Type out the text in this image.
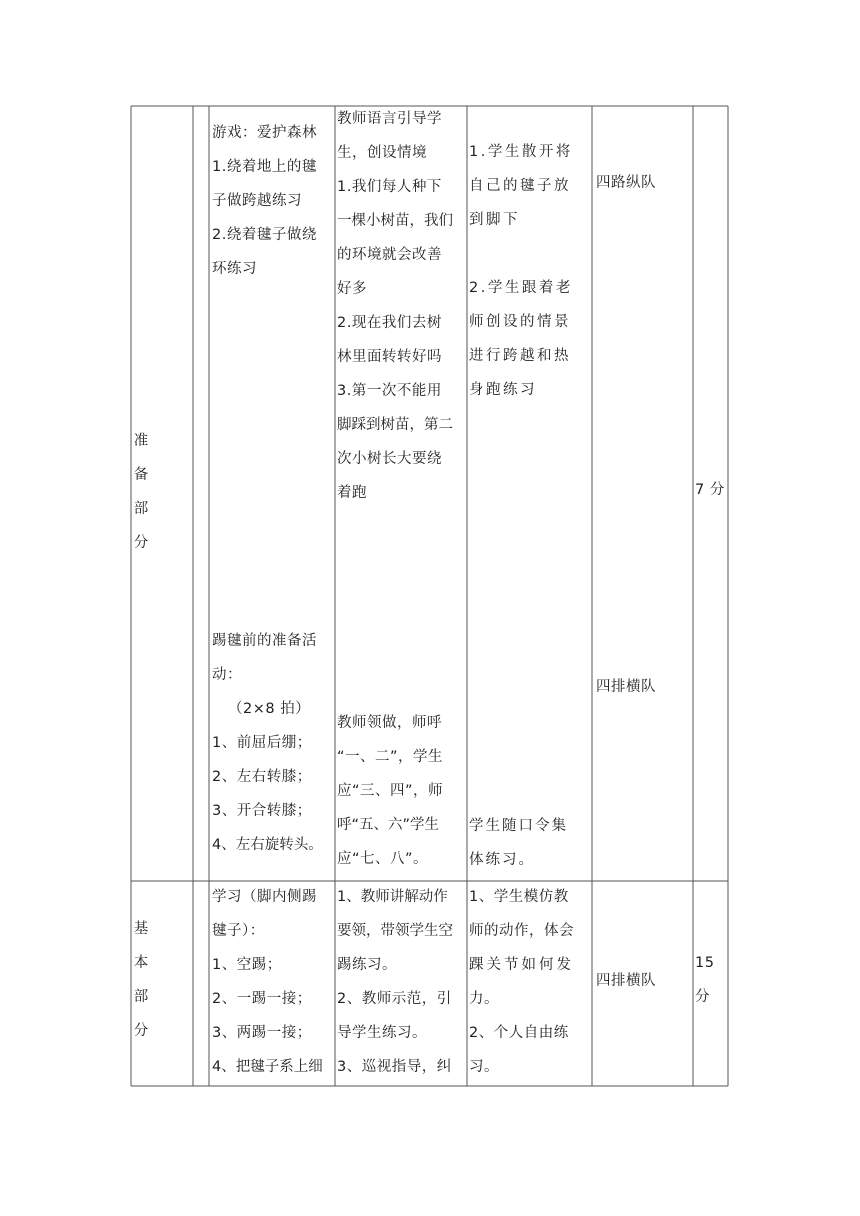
准
备
部
分
游戏：爱护森林
1.绕着地上的毽
子做跨越练习
2.绕着毽子做绕
环练习
教师语言引导学
生，创设情境
1.我们每人种下
一棵小树苗，我们
的环境就会改善
好多
2.现在我们去树
林里面转转好吗
3.第一次不能用
脚踩到树苗，第二
次小树长大要绕
着跑
1.学生散开将
自己的毽子放
到脚下
2.学生跟着老
师创设的情景
进行跨越和热
身跑练习
四路纵队
踢毽前的准备活
动：
（2×8 拍）
1、前屈后绷；
2、左右转膝；
3、开合转膝；
4、左右旋转头。
教师领做，师呼
“一、二”，学生
应“三、四”，师
呼“五、六”学生
应“七、八”。
学生随口令集
体练习。
四排横队
7 分
基
本
部
分
学习（脚内侧踢
毽子）：
1、空踢；
2、一踢一接；
3、两踢一接；
4、把毽子系上细
1、教师讲解动作
要领，带领学生空
踢练习。
2、教师示范，引
导学生练习。
3、巡视指导，纠
1、学生模仿教
师的动作，体会
踝关节如何发
力。
2、个人自由练
习。
四排横队
15
分
